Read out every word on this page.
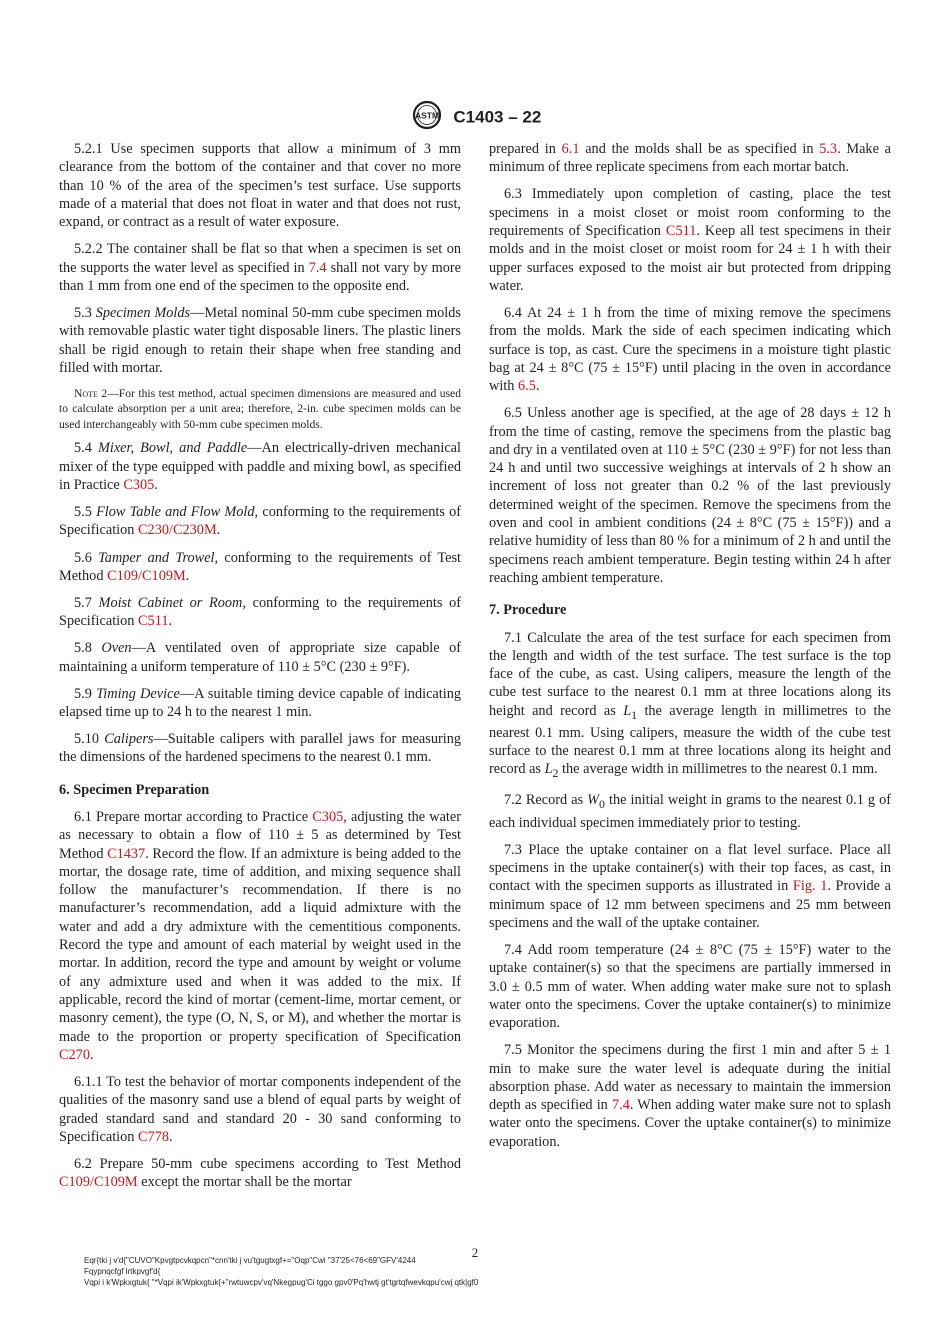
ASTM C1403 – 22

5.2.1 Use specimen supports that allow a minimum of 3 mm clearance from the bottom of the container and that cover no more than 10 % of the area of the specimen’s test surface. Use supports made of a material that does not float in water and that does not rust, expand, or contract as a result of water exposure.

5.2.2 The container shall be flat so that when a specimen is set on the supports the water level as specified in 7.4 shall not vary by more than 1 mm from one end of the specimen to the opposite end.

5.3 Specimen Molds—Metal nominal 50-mm cube specimen molds with removable plastic water tight disposable liners. The plastic liners shall be rigid enough to retain their shape when free standing and filled with mortar.

Note 2—For this test method, actual specimen dimensions are measured and used to calculate absorption per a unit area; therefore, 2-in. cube specimen molds can be used interchangeably with 50-mm cube specimen molds.

5.4 Mixer, Bowl, and Paddle—An electrically-driven mechanical mixer of the type equipped with paddle and mixing bowl, as specified in Practice C305.

5.5 Flow Table and Flow Mold, conforming to the requirements of Specification C230/C230M.

5.6 Tamper and Trowel, conforming to the requirements of Test Method C109/C109M.

5.7 Moist Cabinet or Room, conforming to the requirements of Specification C511.

5.8 Oven—A ventilated oven of appropriate size capable of maintaining a uniform temperature of 110 ± 5°C (230 ± 9°F).

5.9 Timing Device—A suitable timing device capable of indicating elapsed time up to 24 h to the nearest 1 min.

5.10 Calipers—Suitable calipers with parallel jaws for measuring the dimensions of the hardened specimens to the nearest 0.1 mm.

6. Specimen Preparation

6.1 Prepare mortar according to Practice C305, adjusting the water as necessary to obtain a flow of 110 ± 5 as determined by Test Method C1437. Record the flow. If an admixture is being added to the mortar, the dosage rate, time of addition, and mixing sequence shall follow the manufacturer’s recommendation. If there is no manufacturer’s recommendation, add a liquid admixture with the water and add a dry admixture with the cementitious components. Record the type and amount of each material by weight used in the mortar. In addition, record the type and amount by weight or volume of any admixture used and when it was added to the mix. If applicable, record the kind of mortar (cement-lime, mortar cement, or masonry cement), the type (O, N, S, or M), and whether the mortar is made to the proportion or property specification of Specification C270.

6.1.1 To test the behavior of mortar components independent of the qualities of the masonry sand use a blend of equal parts by weight of graded standard sand and standard 20 - 30 sand conforming to Specification C778.

6.2 Prepare 50-mm cube specimens according to Test Method C109/C109M except the mortar shall be the mortar

prepared in 6.1 and the molds shall be as specified in 5.3. Make a minimum of three replicate specimens from each mortar batch.

6.3 Immediately upon completion of casting, place the test specimens in a moist closet or moist room conforming to the requirements of Specification C511. Keep all test specimens in their molds and in the moist closet or moist room for 24 ± 1 h with their upper surfaces exposed to the moist air but protected from dripping water.

6.4 At 24 ± 1 h from the time of mixing remove the specimens from the molds. Mark the side of each specimen indicating which surface is top, as cast. Cure the specimens in a moisture tight plastic bag at 24 ± 8°C (75 ± 15°F) until placing in the oven in accordance with 6.5.

6.5 Unless another age is specified, at the age of 28 days ± 12 h from the time of casting, remove the specimens from the plastic bag and dry in a ventilated oven at 110 ± 5°C (230 ± 9°F) for not less than 24 h and until two successive weighings at intervals of 2 h show an increment of loss not greater than 0.2 % of the last previously determined weight of the specimen. Remove the specimens from the oven and cool in ambient conditions (24 ± 8°C (75 ± 15°F)) and a relative humidity of less than 80 % for a minimum of 2 h and until the specimens reach ambient temperature. Begin testing within 24 h after reaching ambient temperature.

7. Procedure

7.1 Calculate the area of the test surface for each specimen from the length and width of the test surface. The test surface is the top face of the cube, as cast. Using calipers, measure the length of the cube test surface to the nearest 0.1 mm at three locations along its height and record as $L_1$ the average length in millimetres to the nearest 0.1 mm. Using calipers, measure the width of the cube test surface to the nearest 0.1 mm at three locations along its height and record as $L_2$ the average width in millimetres to the nearest 0.1 mm.

7.2 Record as $W_0$ the initial weight in grams to the nearest 0.1 g of each individual specimen immediately prior to testing.

7.3 Place the uptake container on a flat level surface. Place all specimens in the uptake container(s) with their top faces, as cast, in contact with the specimen supports as illustrated in Fig. 1. Provide a minimum space of 12 mm between specimens and 25 mm between specimens and the wall of the uptake container.

7.4 Add room temperature (24 ± 8°C (75 ± 15°F) water to the uptake container(s) so that the specimens are partially immersed in 3.0 ± 0.5 mm of water. When adding water make sure not to splash water onto the specimens. Cover the uptake container(s) to minimize evaporation.

7.5 Monitor the specimens during the first 1 min and after 5 ± 1 min to make sure the water level is adequate during the initial absorption phase. Add water as necessary to maintain the immersion depth as specified in 7.4. When adding water make sure not to splash water onto the specimens. Cover the uptake container(s) to minimize evaporation.

2
Eqr{tki j v'd{"CUVO"Kpvgtpcvkqpcn"*cnn'tki j vu'tgugtxgf+="Oqp"Cwi "37'25<76<69"GFV'4244
Fqypnqcfgf lrtkpvgf'd{
Vqpi i k'Wpkxgtuk{ "*Vqpi ik'Wpkxgtuk{+"rwtuwcpv'vq'Nkegpug'Ci tggo gpv0'Pq'hwtj gt'tgrtqfwevkqpu'cwj qtk|gf0
